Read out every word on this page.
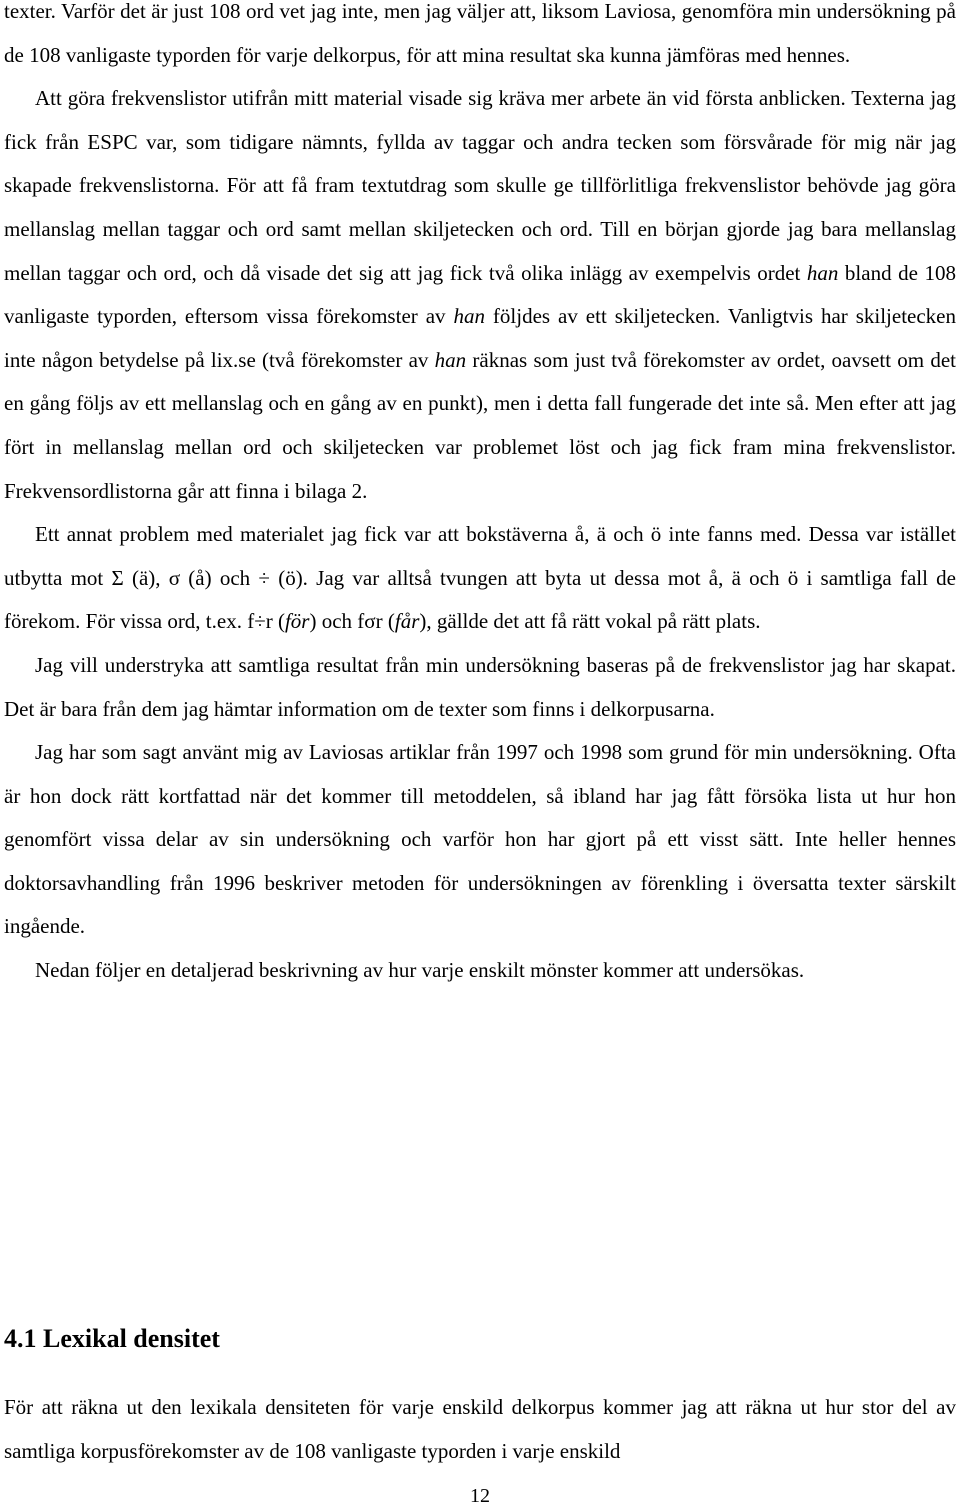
texter. Varför det är just 108 ord vet jag inte, men jag väljer att, liksom Laviosa, genomföra min undersökning på de 108 vanligaste typorden för varje delkorpus, för att mina resultat ska kunna jämföras med hennes.

Att göra frekvenslistor utifrån mitt material visade sig kräva mer arbete än vid första anblicken. Texterna jag fick från ESPC var, som tidigare nämnts, fyllda av taggar och andra tecken som försvårade för mig när jag skapade frekvenslistorna. För att få fram textutdrag som skulle ge tillförlitliga frekvenslistor behövde jag göra mellanslag mellan taggar och ord samt mellan skiljetecken och ord. Till en början gjorde jag bara mellanslag mellan taggar och ord, och då visade det sig att jag fick två olika inlägg av exempelvis ordet han bland de 108 vanligaste typorden, eftersom vissa förekomster av han följdes av ett skiljetecken. Vanligtvis har skiljetecken inte någon betydelse på lix.se (två förekomster av han räknas som just två förekomster av ordet, oavsett om det en gång följs av ett mellanslag och en gång av en punkt), men i detta fall fungerade det inte så. Men efter att jag fört in mellanslag mellan ord och skiljetecken var problemet löst och jag fick fram mina frekvenslistor. Frekvensordlistorna går att finna i bilaga 2.

Ett annat problem med materialet jag fick var att bokstäverna å, ä och ö inte fanns med. Dessa var istället utbytta mot Σ (ä), σ (å) och ÷ (ö). Jag var alltså tvungen att byta ut dessa mot å, ä och ö i samtliga fall de förekom. För vissa ord, t.ex. f÷r (för) och fσr (får), gällde det att få rätt vokal på rätt plats.

Jag vill understryka att samtliga resultat från min undersökning baseras på de frekvenslistor jag har skapat. Det är bara från dem jag hämtar information om de texter som finns i delkorpusarna.

Jag har som sagt använt mig av Laviosas artiklar från 1997 och 1998 som grund för min undersökning. Ofta är hon dock rätt kortfattad när det kommer till metoddelen, så ibland har jag fått försöka lista ut hur hon genomfört vissa delar av sin undersökning och varför hon har gjort på ett visst sätt. Inte heller hennes doktorsavhandling från 1996 beskriver metoden för undersökningen av förenkling i översatta texter särskilt ingående.

Nedan följer en detaljerad beskrivning av hur varje enskilt mönster kommer att undersökas.

4.1 Lexikal densitet

För att räkna ut den lexikala densiteten för varje enskild delkorpus kommer jag att räkna ut hur stor del av samtliga korpusförekomster av de 108 vanligaste typorden i varje enskild

12
